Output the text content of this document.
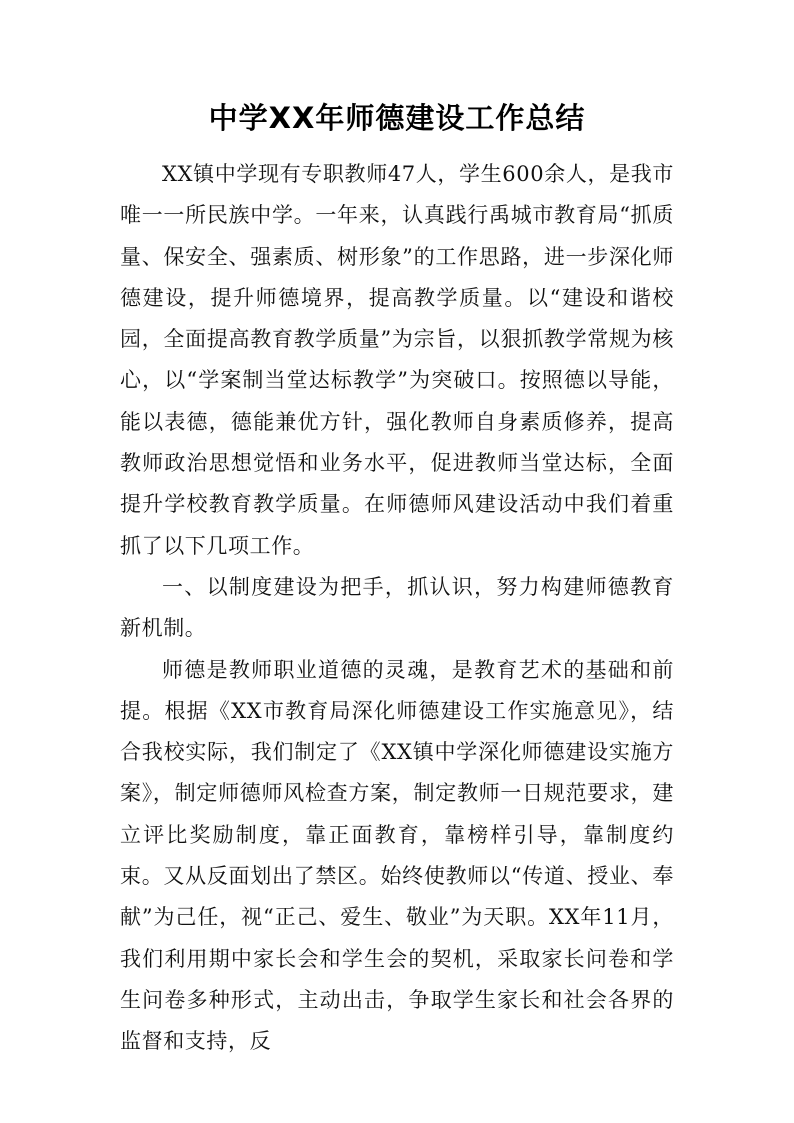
中学XX年师德建设工作总结

XX镇中学现有专职教师47人，学生600余人，是我市唯一一所民族中学。一年来，认真践行禹城市教育局“抓质量、保安全、强素质、树形象”的工作思路，进一步深化师德建设，提升师德境界，提高教学质量。以“建设和谐校园，全面提高教育教学质量”为宗旨，以狠抓教学常规为核心，以“学案制当堂达标教学”为突破口。按照德以导能，能以表德，德能兼优方针，强化教师自身素质修养，提高教师政治思想觉悟和业务水平，促进教师当堂达标，全面提升学校教育教学质量。在师德师风建设活动中我们着重抓了以下几项工作。

一、以制度建设为把手，抓认识，努力构建师德教育新机制。

师德是教师职业道德的灵魂，是教育艺术的基础和前提。根据《XX市教育局深化师德建设工作实施意见》，结合我校实际，我们制定了《XX镇中学深化师德建设实施方案》，制定师德师风检查方案，制定教师一日规范要求，建立评比奖励制度，靠正面教育，靠榜样引导，靠制度约束。又从反面划出了禁区。始终使教师以“传道、授业、奉献”为己任，视“正己、爱生、敬业”为天职。XX年11月，我们利用期中家长会和学生会的契机，采取家长问卷和学生问卷多种形式，主动出击，争取学生家长和社会各界的监督和支持，反
